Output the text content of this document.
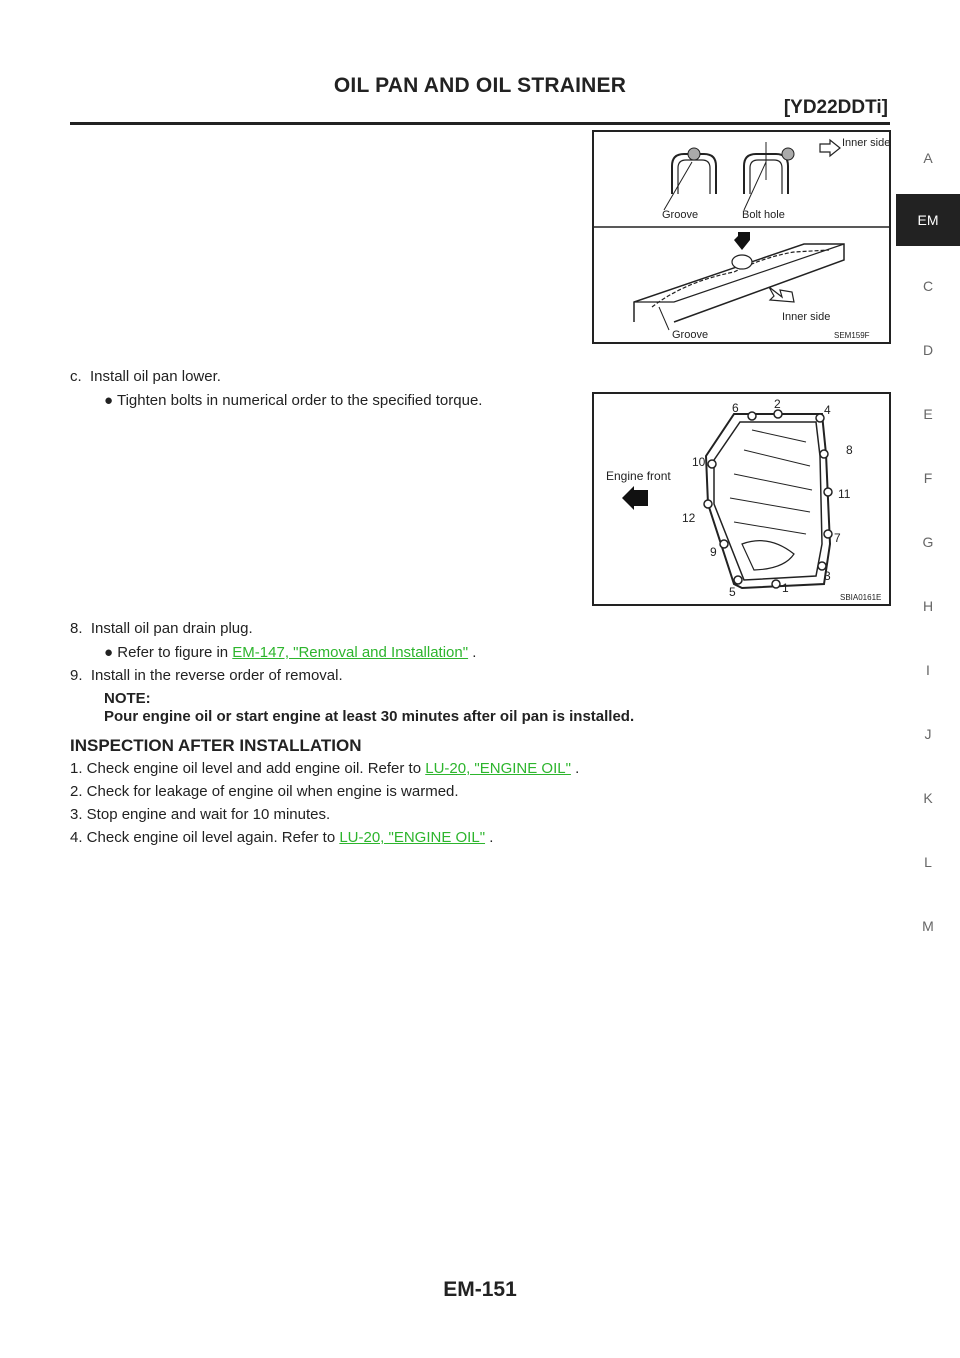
OIL PAN AND OIL STRAINER
[YD22DDTi]
A
EM
C
D
E
F
G
H
I
J
K
L
M
Inner side
Groove	Bolt hole
Inner side
Groove	SEM159F
c. Install oil pan lower.
● Tighten bolts in numerical order to the specified torque.
1
2
3
4
5
6
7
8
9
10
11
12
Engine front
SBIA0161E
8. Install oil pan drain plug.
● Refer to figure in EM-147, "Removal and Installation" .
9. Install in the reverse order of removal.
NOTE:
Pour engine oil or start engine at least 30 minutes after oil pan is installed.
INSPECTION AFTER INSTALLATION
1. Check engine oil level and add engine oil. Refer to LU-20, "ENGINE OIL" .
2. Check for leakage of engine oil when engine is warmed.
3. Stop engine and wait for 10 minutes.
4. Check engine oil level again. Refer to LU-20, "ENGINE OIL" .
EM-151
